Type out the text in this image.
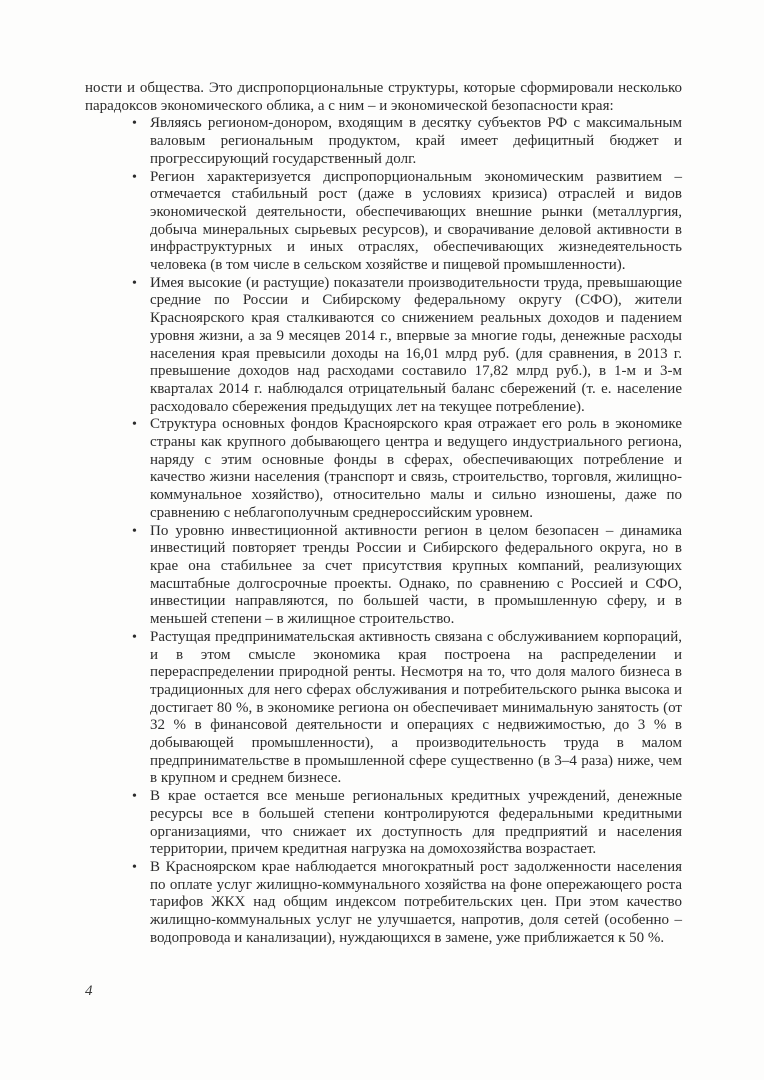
ности и общества. Это диспропорциональные структуры, которые сформировали несколько парадоксов экономического облика, а с ним – и экономической безопасности края:

• Являясь регионом-донором, входящим в десятку субъектов РФ с максимальным валовым региональным продуктом, край имеет дефицитный бюджет и прогрессирующий государственный долг.
• Регион характеризуется диспропорциональным экономическим развитием – отмечается стабильный рост (даже в условиях кризиса) отраслей и видов экономической деятельности, обеспечивающих внешние рынки (металлургия, добыча минеральных сырьевых ресурсов), и сворачивание деловой активности в инфраструктурных и иных отраслях, обеспечивающих жизнедеятельность человека (в том числе в сельском хозяйстве и пищевой промышленности).
• Имея высокие (и растущие) показатели производительности труда, превышающие средние по России и Сибирскому федеральному округу (СФО), жители Красноярского края сталкиваются со снижением реальных доходов и падением уровня жизни, а за 9 месяцев 2014 г., впервые за многие годы, денежные расходы населения края превысили доходы на 16,01 млрд руб. (для сравнения, в 2013 г. превышение доходов над расходами составило 17,82 млрд руб.), в 1-м и 3-м кварталах 2014 г. наблюдался отрицательный баланс сбережений (т. е. население расходовало сбережения предыдущих лет на текущее потребление).
• Структура основных фондов Красноярского края отражает его роль в экономике страны как крупного добывающего центра и ведущего индустриального региона, наряду с этим основные фонды в сферах, обеспечивающих потребление и качество жизни населения (транспорт и связь, строительство, торговля, жилищно-коммунальное хозяйство), относительно малы и сильно изношены, даже по сравнению с неблагополучным среднероссийским уровнем.
• По уровню инвестиционной активности регион в целом безопасен – динамика инвестиций повторяет тренды России и Сибирского федерального округа, но в крае она стабильнее за счет присутствия крупных компаний, реализующих масштабные долгосрочные проекты. Однако, по сравнению с Россией и СФО, инвестиции направляются, по большей части, в промышленную сферу, и в меньшей степени – в жилищное строительство.
• Растущая предпринимательская активность связана с обслуживанием корпораций, и в этом смысле экономика края построена на распределении и перераспределении природной ренты. Несмотря на то, что доля малого бизнеса в традиционных для него сферах обслуживания и потребительского рынка высока и достигает 80 %, в экономике региона он обеспечивает минимальную занятость (от 32 % в финансовой деятельности и операциях с недвижимостью, до 3 % в добывающей промышленности), а производительность труда в малом предпринимательстве в промышленной сфере существенно (в 3–4 раза) ниже, чем в крупном и среднем бизнесе.
• В крае остается все меньше региональных кредитных учреждений, денежные ресурсы все в большей степени контролируются федеральными кредитными организациями, что снижает их доступность для предприятий и населения территории, причем кредитная нагрузка на домохозяйства возрастает.
• В Красноярском крае наблюдается многократный рост задолженности населения по оплате услуг жилищно-коммунального хозяйства на фоне опережающего роста тарифов ЖКХ над общим индексом потребительских цен. При этом качество жилищно-коммунальных услуг не улучшается, напротив, доля сетей (особенно – водопровода и канализации), нуждающихся в замене, уже приближается к 50 %.
4
